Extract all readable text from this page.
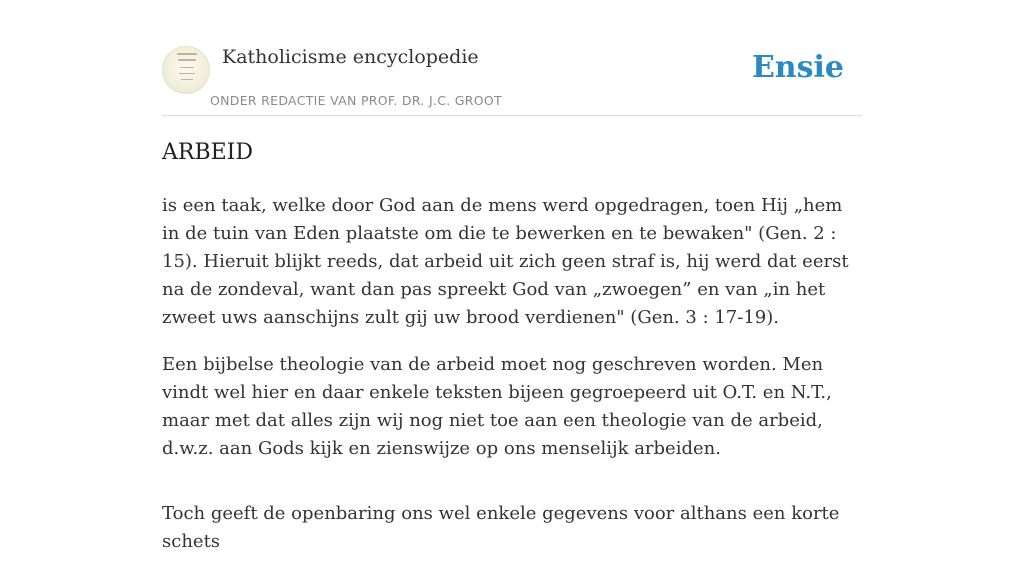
Katholicisme encyclopedie
ONDER REDACTIE VAN PROF. DR. J.C. GROOT
Ensie
ARBEID

is een taak, welke door God aan de mens werd opgedragen, toen Hij „hem in de tuin van Eden plaatste om die te bewerken en te bewaken" (Gen. 2 : 15). Hieruit blijkt reeds, dat arbeid uit zich geen straf is, hij werd dat eerst na de zondeval, want dan pas spreekt God van „zwoegen” en van „in het zweet uws aanschijns zult gij uw brood verdienen" (Gen. 3 : 17-19).

Een bijbelse theologie van de arbeid moet nog geschreven worden. Men vindt wel hier en daar enkele teksten bijeen gegroepeerd uit O.T. en N.T., maar met dat alles zijn wij nog niet toe aan een theologie van de arbeid, d.w.z. aan Gods kijk en zienswijze op ons menselijk arbeiden.

Toch geeft de openbaring ons wel enkele gegevens voor althans een korte schets
